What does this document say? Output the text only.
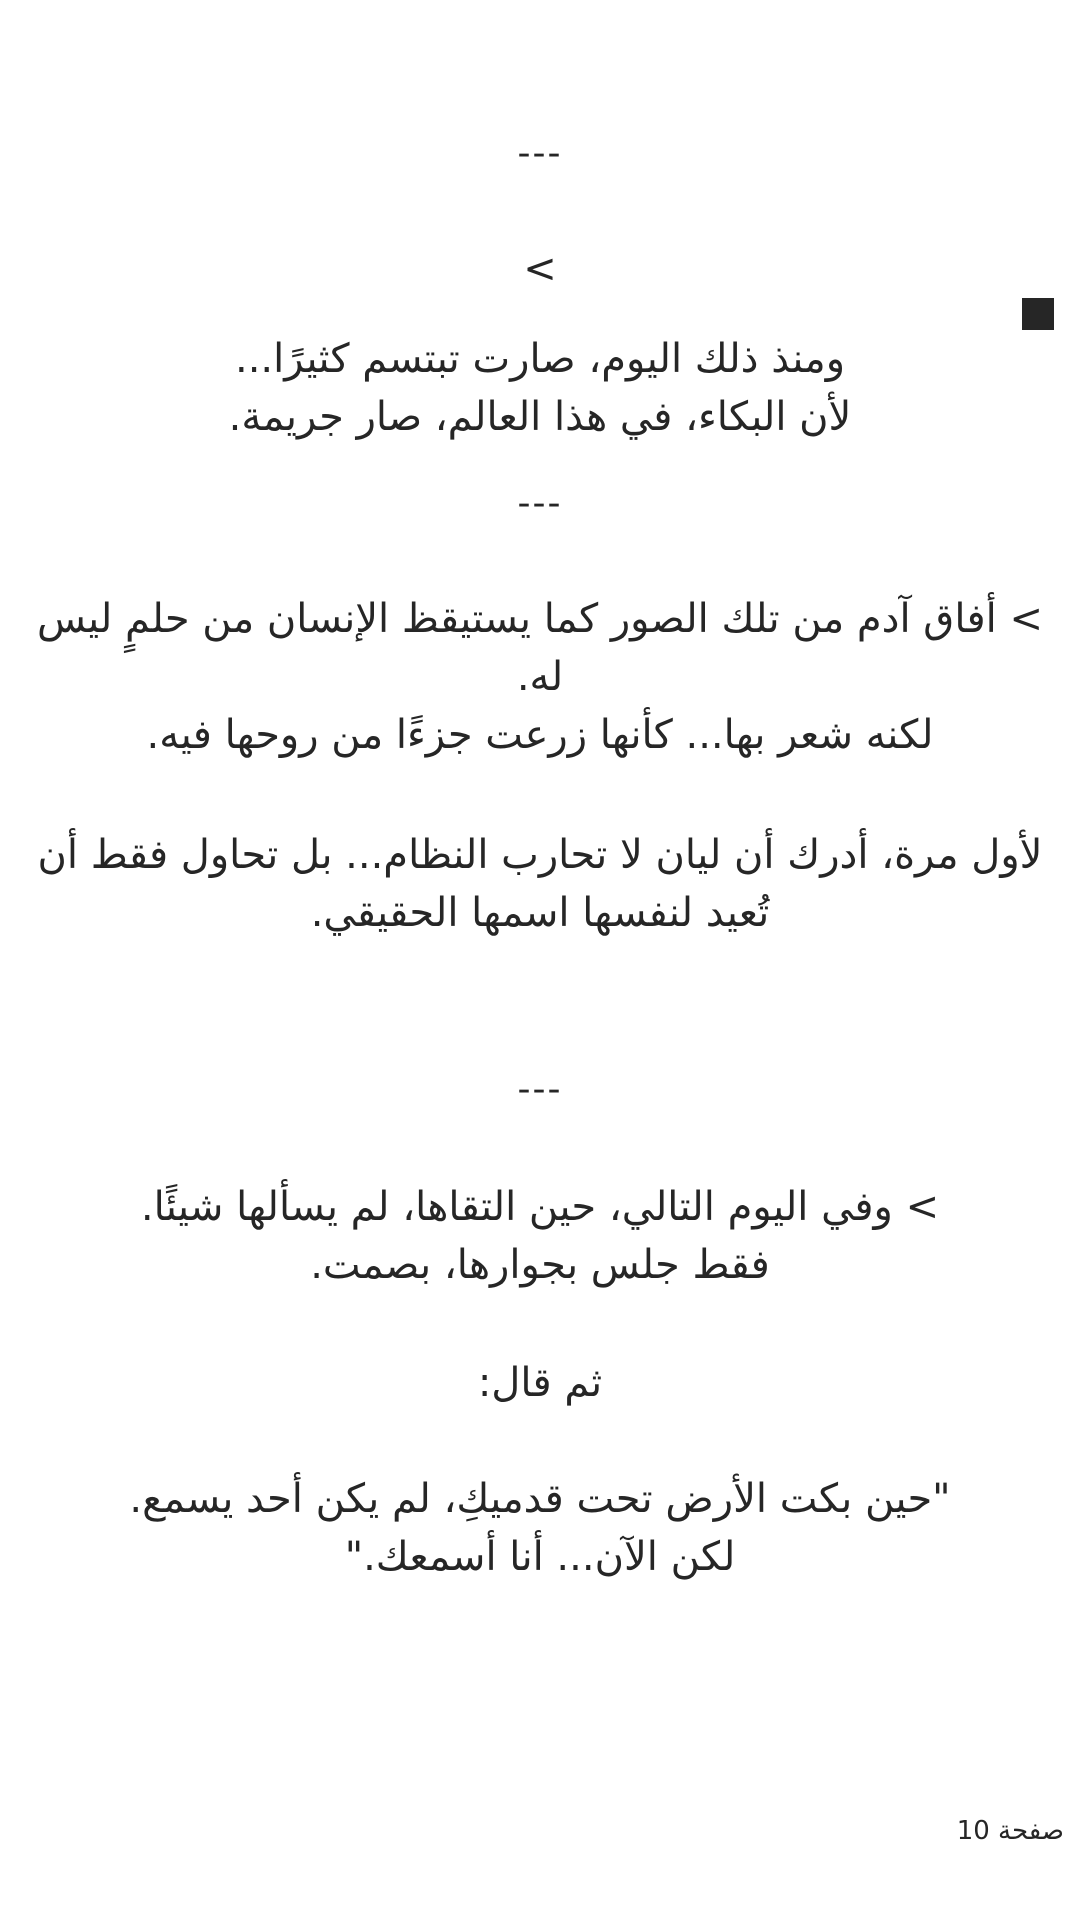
---
>
ومنذ ذلك اليوم، صارت تبتسم كثيرًا...
لأن البكاء، في هذا العالم، صار جريمة.
---
> أفاق آدم من تلك الصور كما يستيقظ الإنسان من حلمٍ ليس
له.
لكنه شعر بها... كأنها زرعت جزءًا من روحها فيه.
لأول مرة، أدرك أن ليان لا تحارب النظام... بل تحاول فقط أن
تُعيد لنفسها اسمها الحقيقي.
---
> وفي اليوم التالي، حين التقاها، لم يسألها شيئًا.
فقط جلس بجوارها، بصمت.
ثم قال:
"حين بكت الأرض تحت قدميكِ، لم يكن أحد يسمع.
لكن الآن... أنا أسمعك."
صفحة 10
